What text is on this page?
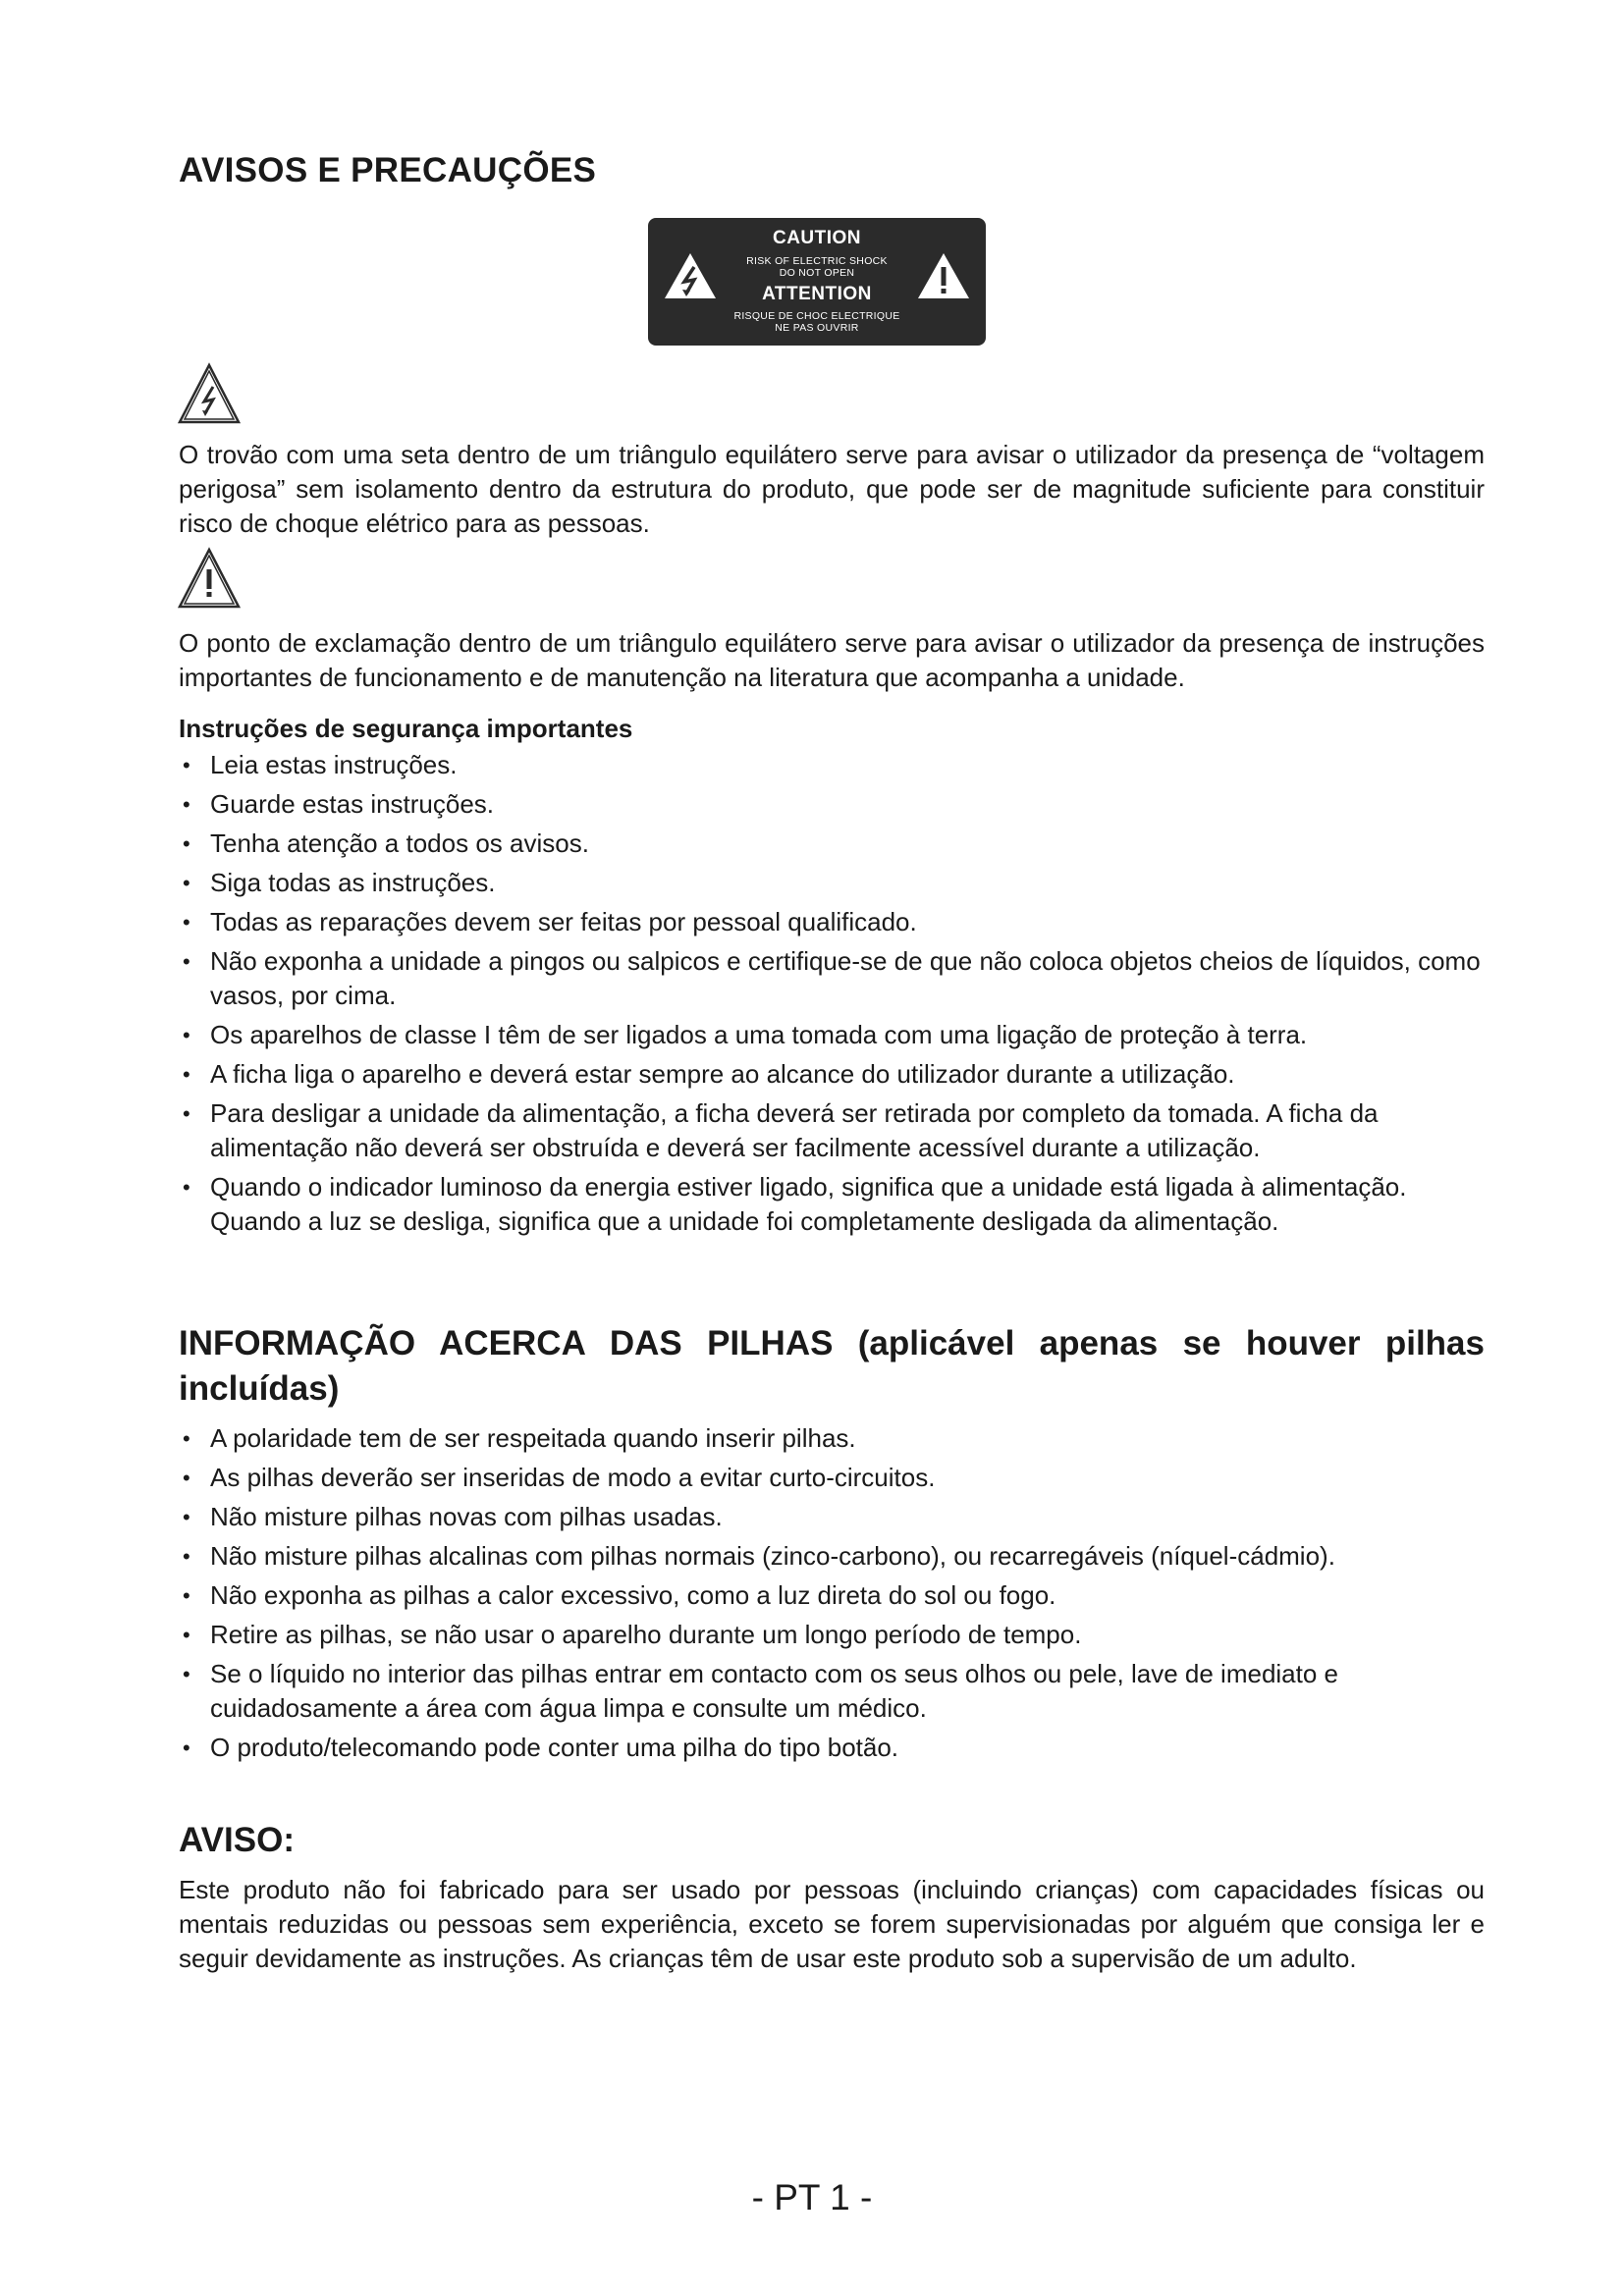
AVISOS E PRECAUÇÕES
CAUTION
RISK OF ELECTRIC SHOCK
DO NOT OPEN
ATTENTION
RISQUE DE CHOC ELECTRIQUE
NE PAS OUVRIR

O trovão com uma seta dentro de um triângulo equilátero serve para avisar o utilizador da presença de “voltagem perigosa” sem isolamento dentro da estrutura do produto, que pode ser de magnitude suficiente para constituir risco de choque elétrico para as pessoas.

O ponto de exclamação dentro de um triângulo equilátero serve para avisar o utilizador da presença de instruções importantes de funcionamento e de manutenção na literatura que acompanha a unidade.

Instruções de segurança importantes
• Leia estas instruções.
• Guarde estas instruções.
• Tenha atenção a todos os avisos.
• Siga todas as instruções.
• Todas as reparações devem ser feitas por pessoal qualificado.
• Não exponha a unidade a pingos ou salpicos e certifique-se de que não coloca objetos cheios de líquidos, como vasos, por cima.
• Os aparelhos de classe I têm de ser ligados a uma tomada com uma ligação de proteção à terra.
• A ficha liga o aparelho e deverá estar sempre ao alcance do utilizador durante a utilização.
• Para desligar a unidade da alimentação, a ficha deverá ser retirada por completo da tomada. A ficha da alimentação não deverá ser obstruída e deverá ser facilmente acessível durante a utilização.
• Quando o indicador luminoso da energia estiver ligado, significa que a unidade está ligada à alimentação. Quando a luz se desliga, significa que a unidade foi completamente desligada da alimentação.
INFORMAÇÃO ACERCA DAS PILHAS (aplicável apenas se houver pilhas incluídas)
• A polaridade tem de ser respeitada quando inserir pilhas.
• As pilhas deverão ser inseridas de modo a evitar curto-circuitos.
• Não misture pilhas novas com pilhas usadas.
• Não misture pilhas alcalinas com pilhas normais (zinco-carbono), ou recarregáveis (níquel-cádmio).
• Não exponha as pilhas a calor excessivo, como a luz direta do sol ou fogo.
• Retire as pilhas, se não usar o aparelho durante um longo período de tempo.
• Se o líquido no interior das pilhas entrar em contacto com os seus olhos ou pele, lave de imediato e cuidadosamente a área com água limpa e consulte um médico.
• O produto/telecomando pode conter uma pilha do tipo botão.
AVISO:

Este produto não foi fabricado para ser usado por pessoas (incluindo crianças) com capacidades físicas ou mentais reduzidas ou pessoas sem experiência, exceto se forem supervisionadas por alguém que consiga ler e seguir devidamente as instruções. As crianças têm de usar este produto sob a supervisão de um adulto.

- PT 1 -
